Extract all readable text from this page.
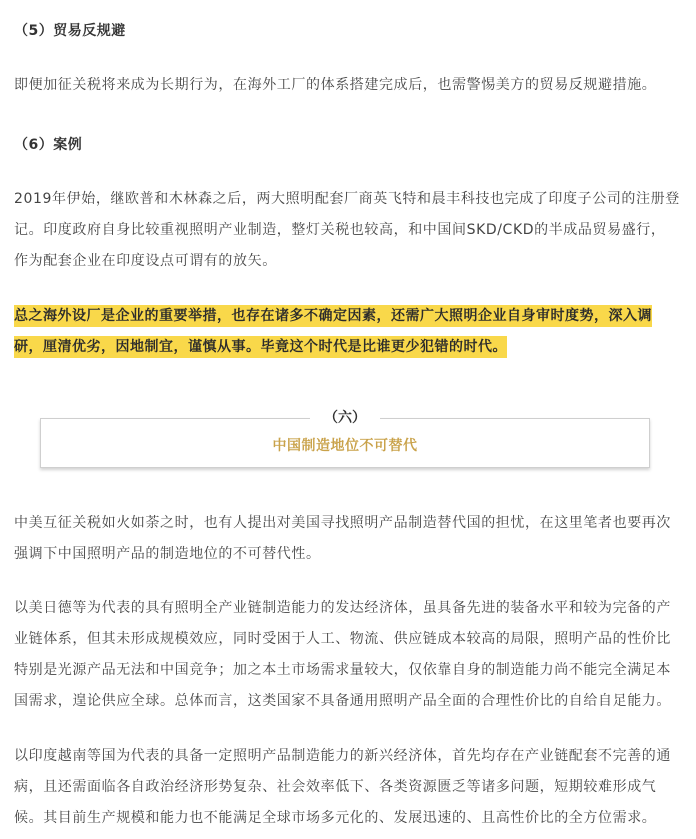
（5）贸易反规避
即便加征关税将来成为长期行为，在海外工厂的体系搭建完成后，也需警惕美方的贸易反规避措施。
（6）案例
2019年伊始，继欧普和木林森之后，两大照明配套厂商英飞特和晨丰科技也完成了印度子公司的注册登
记。印度政府自身比较重视照明产业制造，整灯关税也较高，和中国间SKD/CKD的半成品贸易盛行，
作为配套企业在印度设点可谓有的放矢。
总之海外设厂是企业的重要举措，也存在诸多不确定因素，还需广大照明企业自身审时度势，深入调
研，厘清优劣，因地制宜，谨慎从事。毕竟这个时代是比谁更少犯错的时代。
中美互征关税如火如荼之时，也有人提出对美国寻找照明产品制造替代国的担忧，在这里笔者也要再次
强调下中国照明产品的制造地位的不可替代性。
以美日德等为代表的具有照明全产业链制造能力的发达经济体，虽具备先进的装备水平和较为完备的产
业链体系，但其未形成规模效应，同时受困于人工、物流、供应链成本较高的局限，照明产品的性价比
特别是光源产品无法和中国竞争；加之本土市场需求量较大，仅依靠自身的制造能力尚不能完全满足本
国需求，遑论供应全球。总体而言，这类国家不具备通用照明产品全面的合理性价比的自给自足能力。
以印度越南等国为代表的具备一定照明产品制造能力的新兴经济体，首先均存在产业链配套不完善的通
病，且还需面临各自政治经济形势复杂、社会效率低下、各类资源匮乏等诸多问题，短期较难形成气
候。其目前生产规模和能力也不能满足全球市场多元化的、发展迅速的、且高性价比的全方位需求。
（六）
中国制造地位不可替代
